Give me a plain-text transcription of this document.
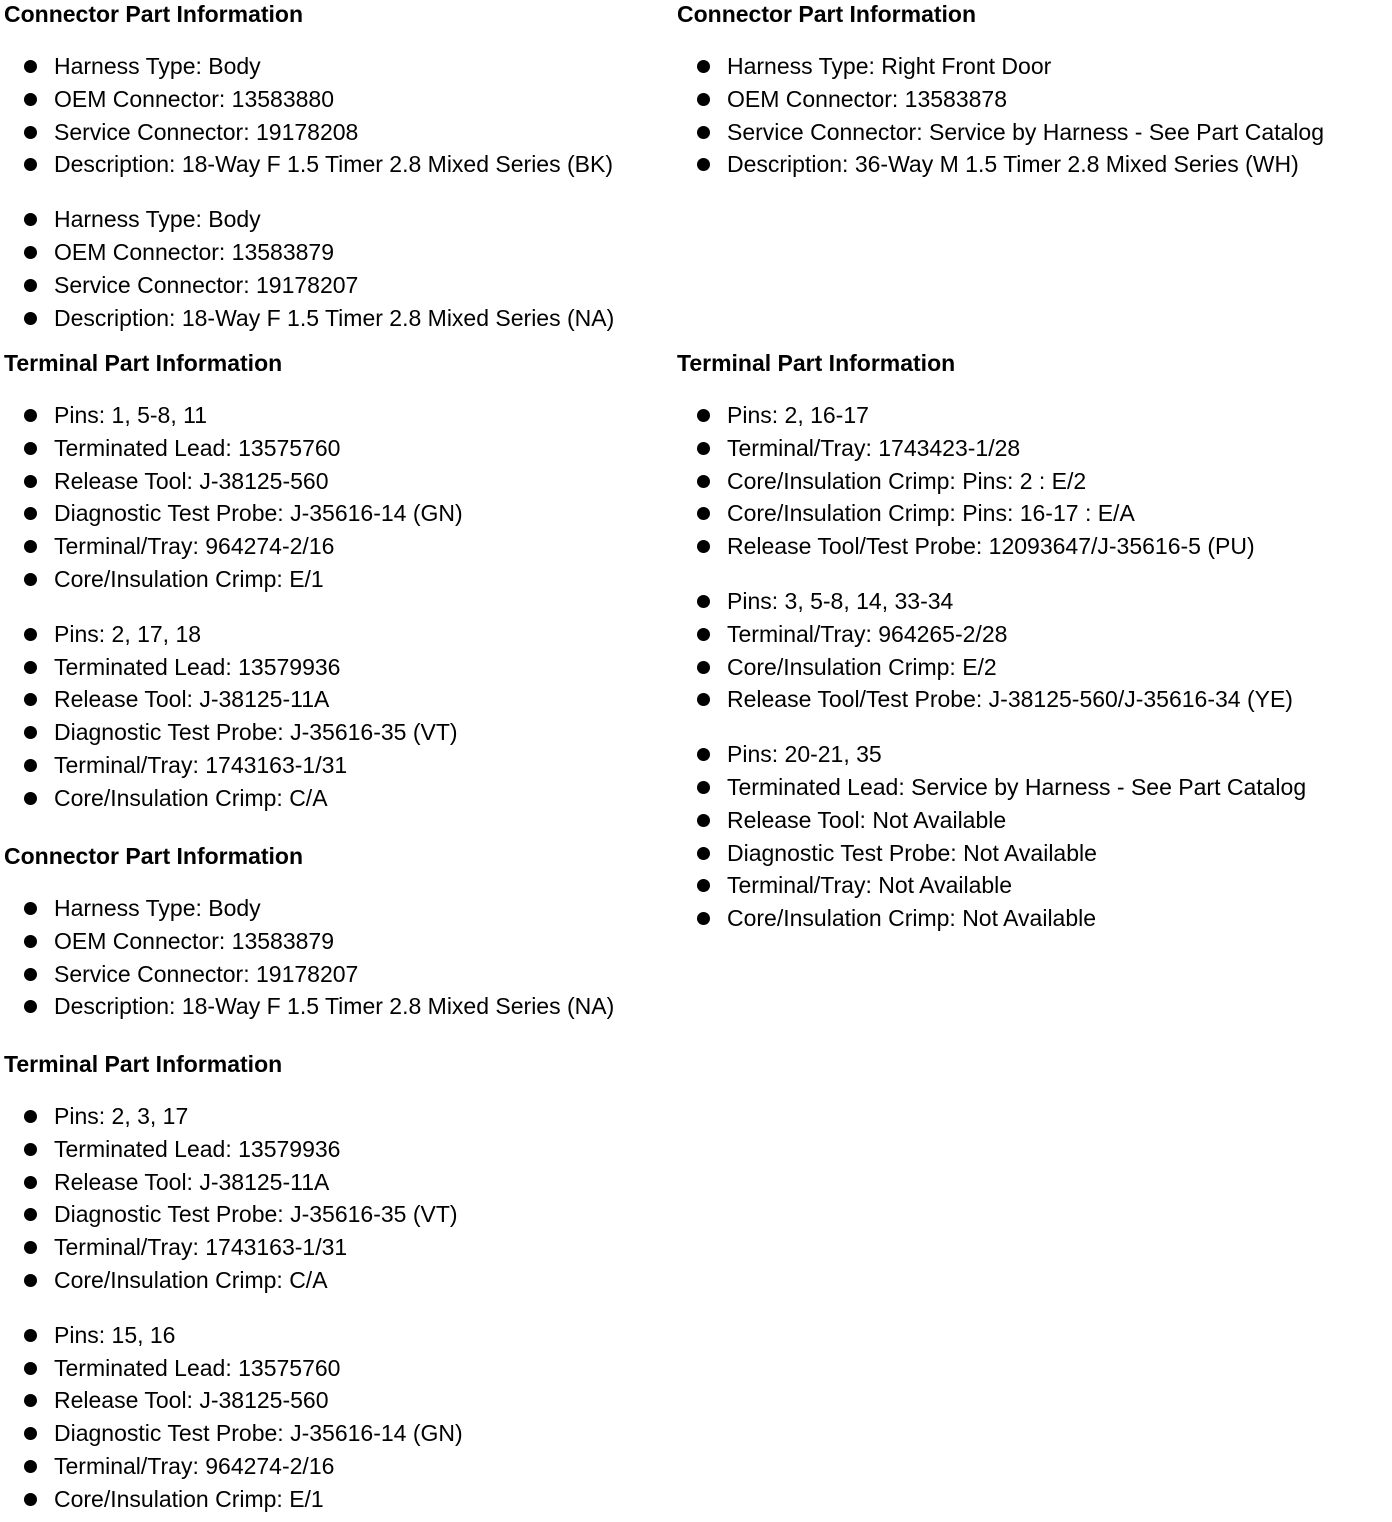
Connector Part Information
Harness Type: Body
OEM Connector: 13583880
Service Connector: 19178208
Description: 18-Way F 1.5 Timer 2.8 Mixed Series (BK)
Harness Type: Body
OEM Connector: 13583879
Service Connector: 19178207
Description: 18-Way F 1.5 Timer 2.8 Mixed Series (NA)
Terminal Part Information
Pins: 1, 5-8, 11
Terminated Lead: 13575760
Release Tool: J-38125-560
Diagnostic Test Probe: J-35616-14 (GN)
Terminal/Tray: 964274-2/16
Core/Insulation Crimp: E/1
Pins: 2, 17, 18
Terminated Lead: 13579936
Release Tool: J-38125-11A
Diagnostic Test Probe: J-35616-35 (VT)
Terminal/Tray: 1743163-1/31
Core/Insulation Crimp: C/A
Connector Part Information
Harness Type: Body
OEM Connector: 13583879
Service Connector: 19178207
Description: 18-Way F 1.5 Timer 2.8 Mixed Series (NA)
Terminal Part Information
Pins: 2, 3, 17
Terminated Lead: 13579936
Release Tool: J-38125-11A
Diagnostic Test Probe: J-35616-35 (VT)
Terminal/Tray: 1743163-1/31
Core/Insulation Crimp: C/A
Pins: 15, 16
Terminated Lead: 13575760
Release Tool: J-38125-560
Diagnostic Test Probe: J-35616-14 (GN)
Terminal/Tray: 964274-2/16
Core/Insulation Crimp: E/1
Connector Part Information
Harness Type: Right Front Door
OEM Connector: 13583878
Service Connector: Service by Harness - See Part Catalog
Description: 36-Way M 1.5 Timer 2.8 Mixed Series (WH)
Terminal Part Information
Pins: 2, 16-17
Terminal/Tray: 1743423-1/28
Core/Insulation Crimp: Pins: 2 : E/2
Core/Insulation Crimp: Pins: 16-17 : E/A
Release Tool/Test Probe: 12093647/J-35616-5 (PU)
Pins: 3, 5-8, 14, 33-34
Terminal/Tray: 964265-2/28
Core/Insulation Crimp: E/2
Release Tool/Test Probe: J-38125-560/J-35616-34 (YE)
Pins: 20-21, 35
Terminated Lead: Service by Harness - See Part Catalog
Release Tool: Not Available
Diagnostic Test Probe: Not Available
Terminal/Tray: Not Available
Core/Insulation Crimp: Not Available
